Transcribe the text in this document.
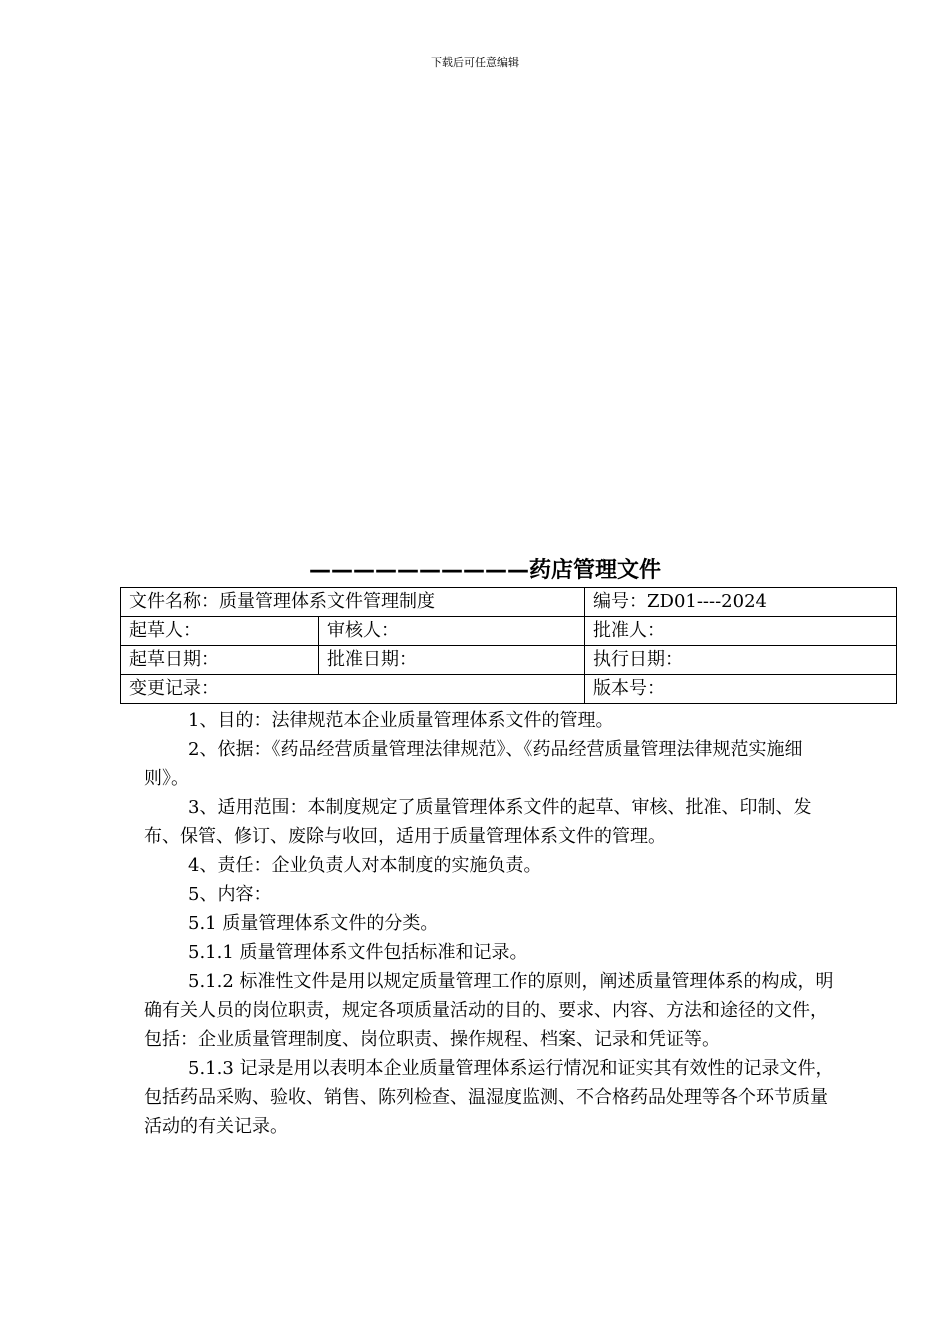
下载后可任意编辑
——————————药店管理文件
文件名称：质量管理体系文件管理制度		编号：ZD01----2024
起草人：	审核人：	批准人：
起草日期：	批准日期：	执行日期：
变更记录：		版本号：

1、目的：法律规范本企业质量管理体系文件的管理。

2、依据：《药品经营质量管理法律规范》、《药品经营质量管理法律规范实施细则》。

3、适用范围：本制度规定了质量管理体系文件的起草、审核、批准、印制、发布、保管、修订、废除与收回，适用于质量管理体系文件的管理。

4、责任：企业负责人对本制度的实施负责。

5、内容：

5.1 质量管理体系文件的分类。

5.1.1 质量管理体系文件包括标准和记录。

5.1.2 标准性文件是用以规定质量管理工作的原则，阐述质量管理体系的构成，明确有关人员的岗位职责，规定各项质量活动的目的、要求、内容、方法和途径的文件，包括：企业质量管理制度、岗位职责、操作规程、档案、记录和凭证等。

5.1.3 记录是用以表明本企业质量管理体系运行情况和证实其有效性的记录文件，包括药品采购、验收、销售、陈列检查、温湿度监测、不合格药品处理等各个环节质量活动的有关记录。
